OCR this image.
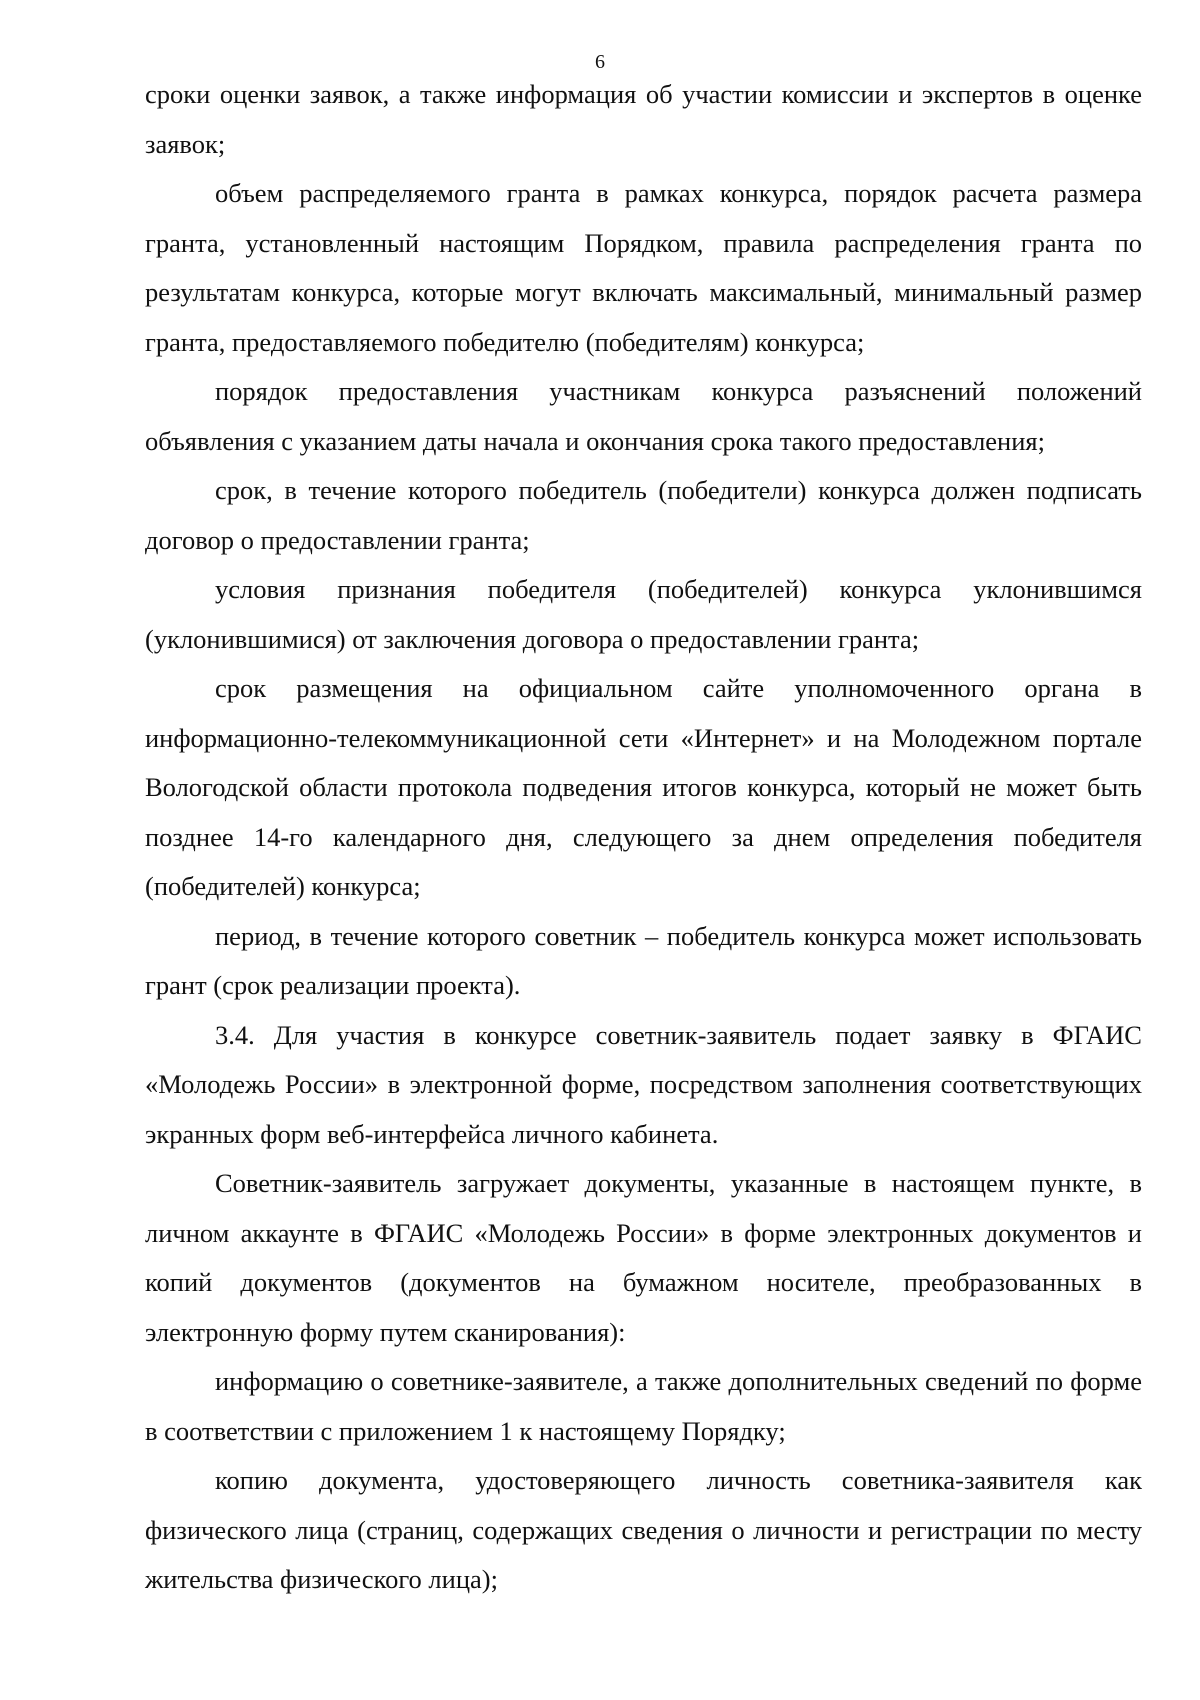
6

сроки оценки заявок, а также информация об участии комиссии и экспертов в оценке заявок;

объем распределяемого гранта в рамках конкурса, порядок расчета размера гранта, установленный настоящим Порядком, правила распределения гранта по результатам конкурса, которые могут включать максимальный, минимальный размер гранта, предоставляемого победителю (победителям) конкурса;

порядок предоставления участникам конкурса разъяснений положений объявления с указанием даты начала и окончания срока такого предоставления;

срок, в течение которого победитель (победители) конкурса должен подписать договор о предоставлении гранта;

условия признания победителя (победителей) конкурса уклонившимся (уклонившимися) от заключения договора о предоставлении гранта;

срок размещения на официальном сайте уполномоченного органа в информационно-телекоммуникационной сети «Интернет» и на Молодежном портале Вологодской области протокола подведения итогов конкурса, который не может быть позднее 14-го календарного дня, следующего за днем определения победителя (победителей) конкурса;

период, в течение которого советник – победитель конкурса может использовать грант (срок реализации проекта).

3.4. Для участия в конкурсе советник-заявитель подает заявку в ФГАИС «Молодежь России» в электронной форме, посредством заполнения соответствующих экранных форм веб-интерфейса личного кабинета.

Советник-заявитель загружает документы, указанные в настоящем пункте, в личном аккаунте в ФГАИС «Молодежь России» в форме электронных документов и копий документов (документов на бумажном носителе, преобразованных в электронную форму путем сканирования):

информацию о советнике-заявителе, а также дополнительных сведений по форме в соответствии с приложением 1 к настоящему Порядку;

копию документа, удостоверяющего личность советника-заявителя как физического лица (страниц, содержащих сведения о личности и регистрации по месту жительства физического лица);
